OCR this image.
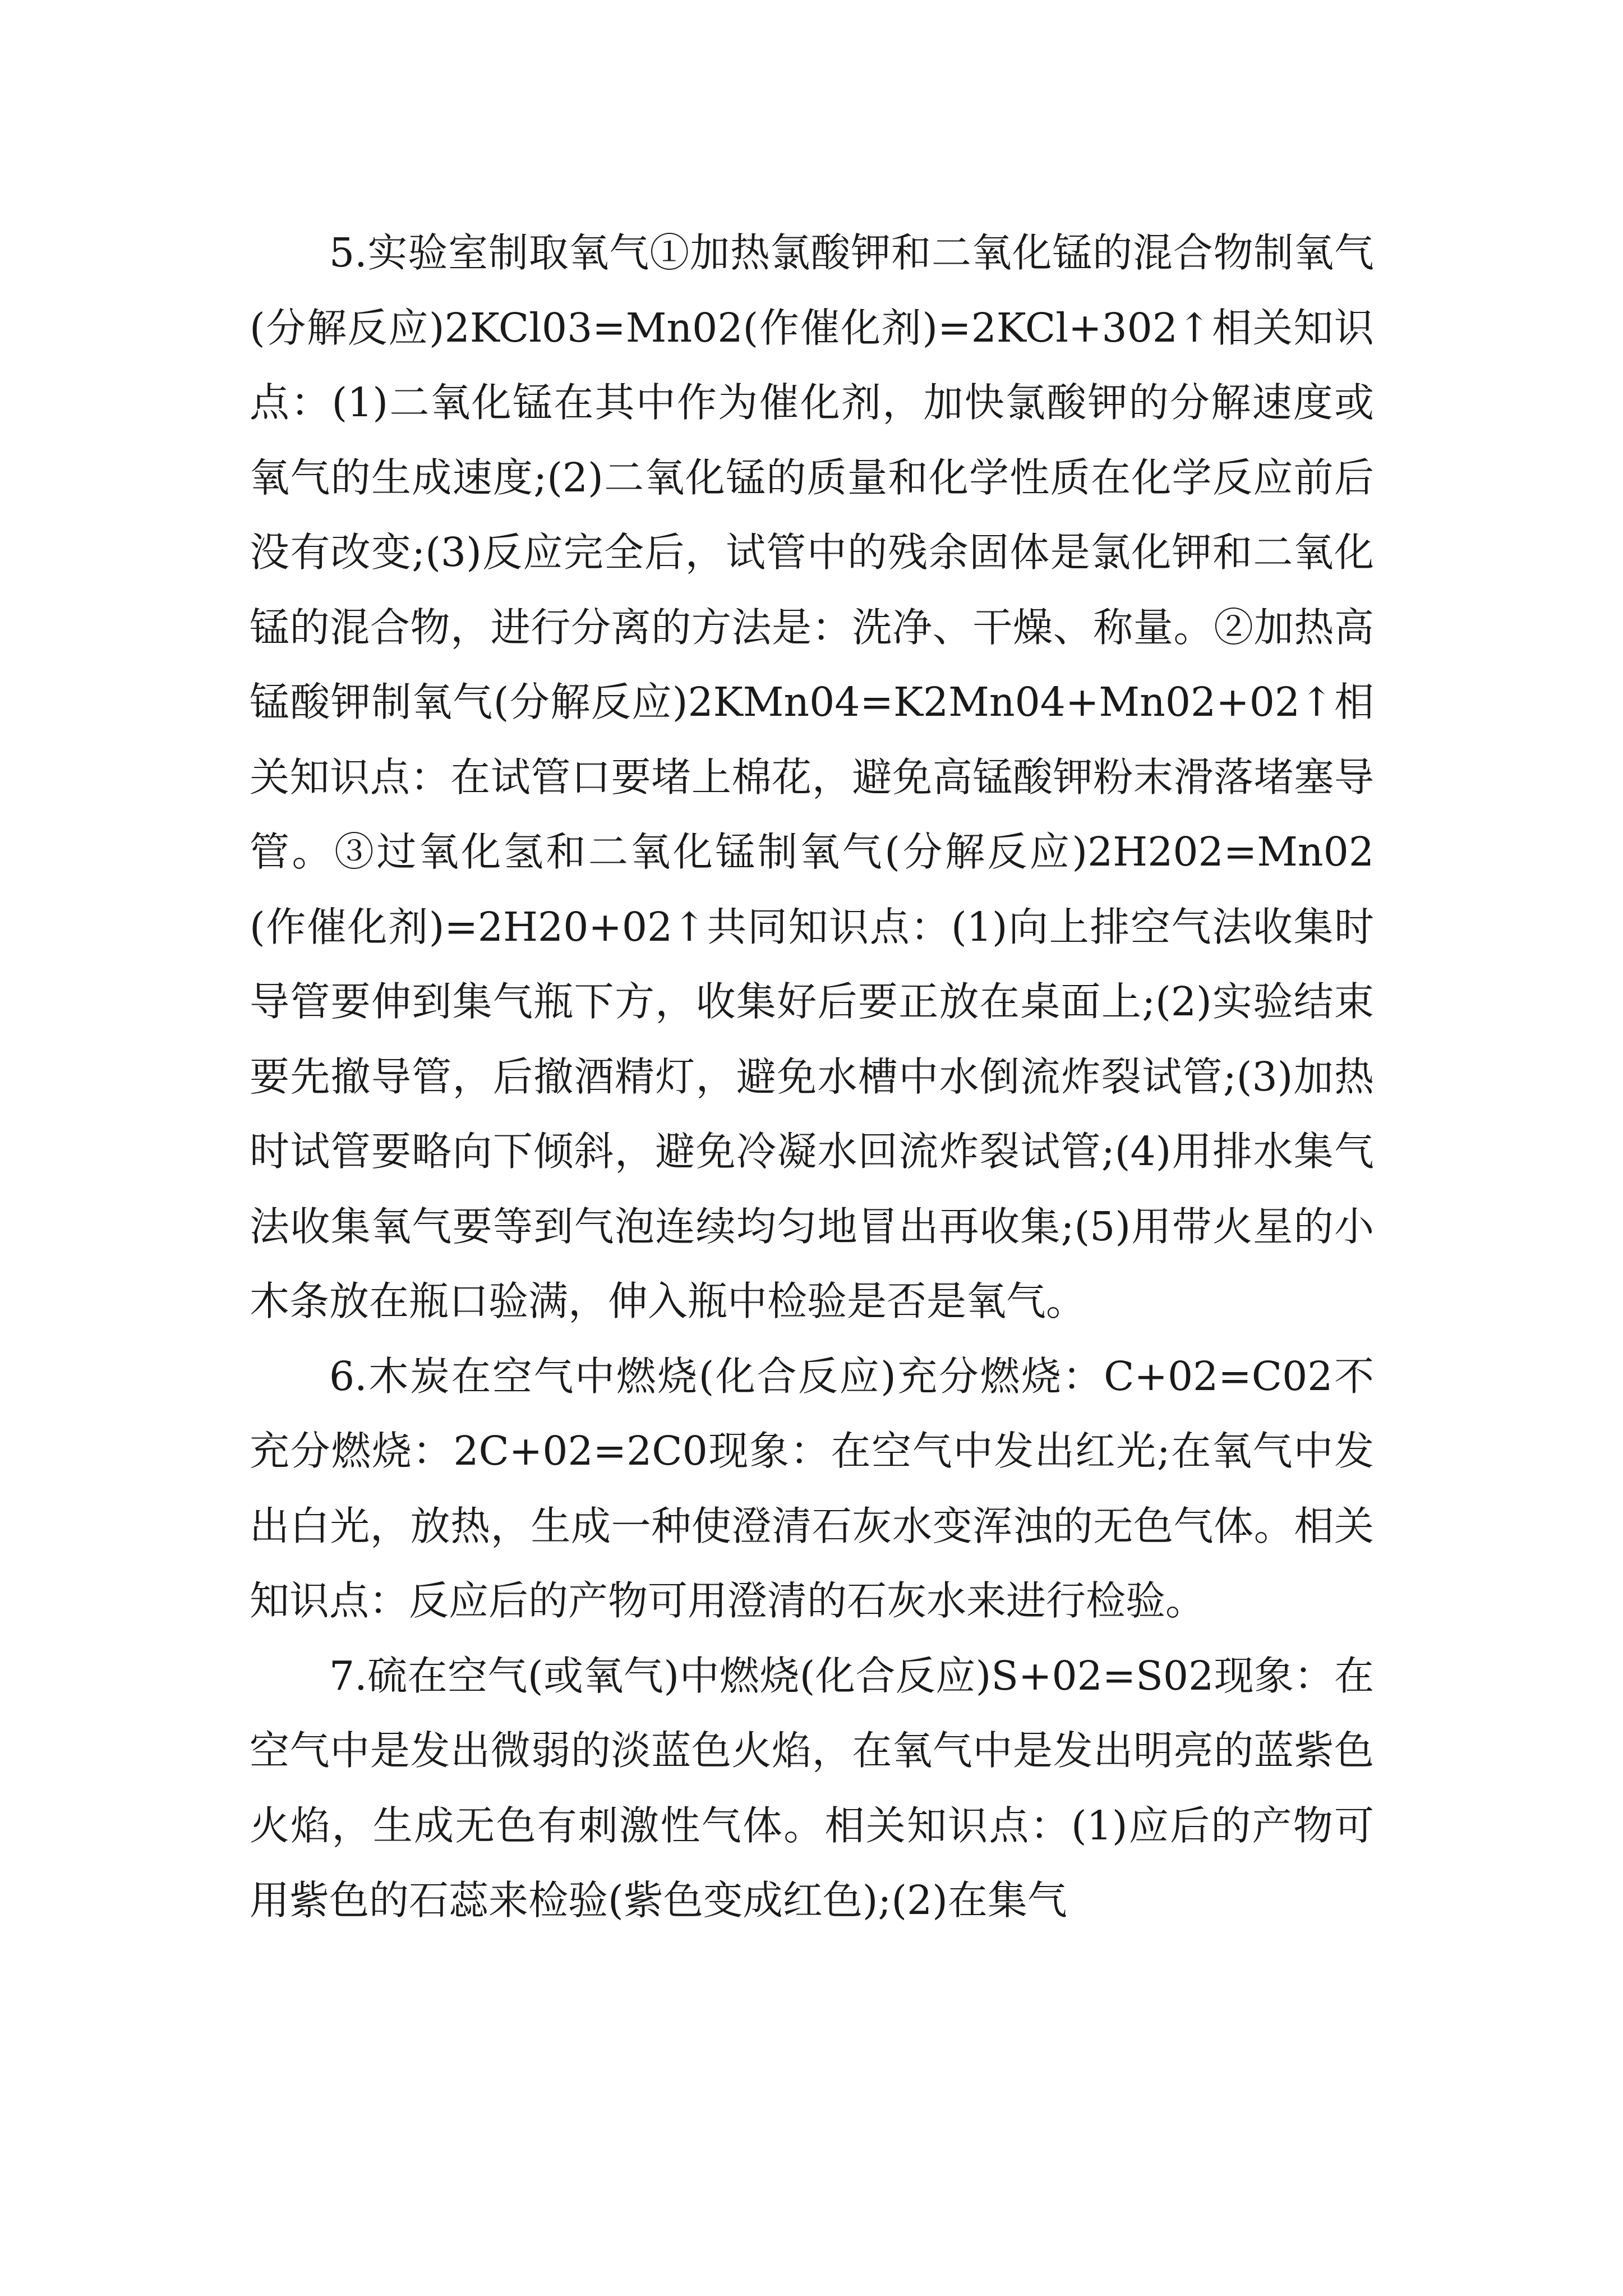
5.实验室制取氧气①加热氯酸钾和二氧化锰的混合物制氧气(分解反应)2KCl03=Mn02(作催化剂)=2KCl+302↑相关知识点：(1)二氧化锰在其中作为催化剂，加快氯酸钾的分解速度或氧气的生成速度;(2)二氧化锰的质量和化学性质在化学反应前后没有改变;(3)反应完全后，试管中的残余固体是氯化钾和二氧化锰的混合物，进行分离的方法是：洗净、干燥、称量。②加热高锰酸钾制氧气(分解反应)2KMn04=K2Mn04+Mn02+02↑相关知识点：在试管口要堵上棉花，避免高锰酸钾粉末滑落堵塞导管。③过氧化氢和二氧化锰制氧气(分解反应)2H202=Mn02(作催化剂)=2H20+02↑共同知识点：(1)向上排空气法收集时导管要伸到集气瓶下方，收集好后要正放在桌面上;(2)实验结束要先撤导管，后撤酒精灯，避免水槽中水倒流炸裂试管;(3)加热时试管要略向下倾斜，避免冷凝水回流炸裂试管;(4)用排水集气法收集氧气要等到气泡连续均匀地冒出再收集;(5)用带火星的小木条放在瓶口验满，伸入瓶中检验是否是氧气。

6.木炭在空气中燃烧(化合反应)充分燃烧：C+02=C02不充分燃烧：2C+02=2C0现象：在空气中发出红光;在氧气中发出白光，放热，生成一种使澄清石灰水变浑浊的无色气体。相关知识点：反应后的产物可用澄清的石灰水来进行检验。

7.硫在空气(或氧气)中燃烧(化合反应)S+02=S02现象：在空气中是发出微弱的淡蓝色火焰，在氧气中是发出明亮的蓝紫色火焰，生成无色有刺激性气体。相关知识点：(1)应后的产物可用紫色的石蕊来检验(紫色变成红色);(2)在集气
